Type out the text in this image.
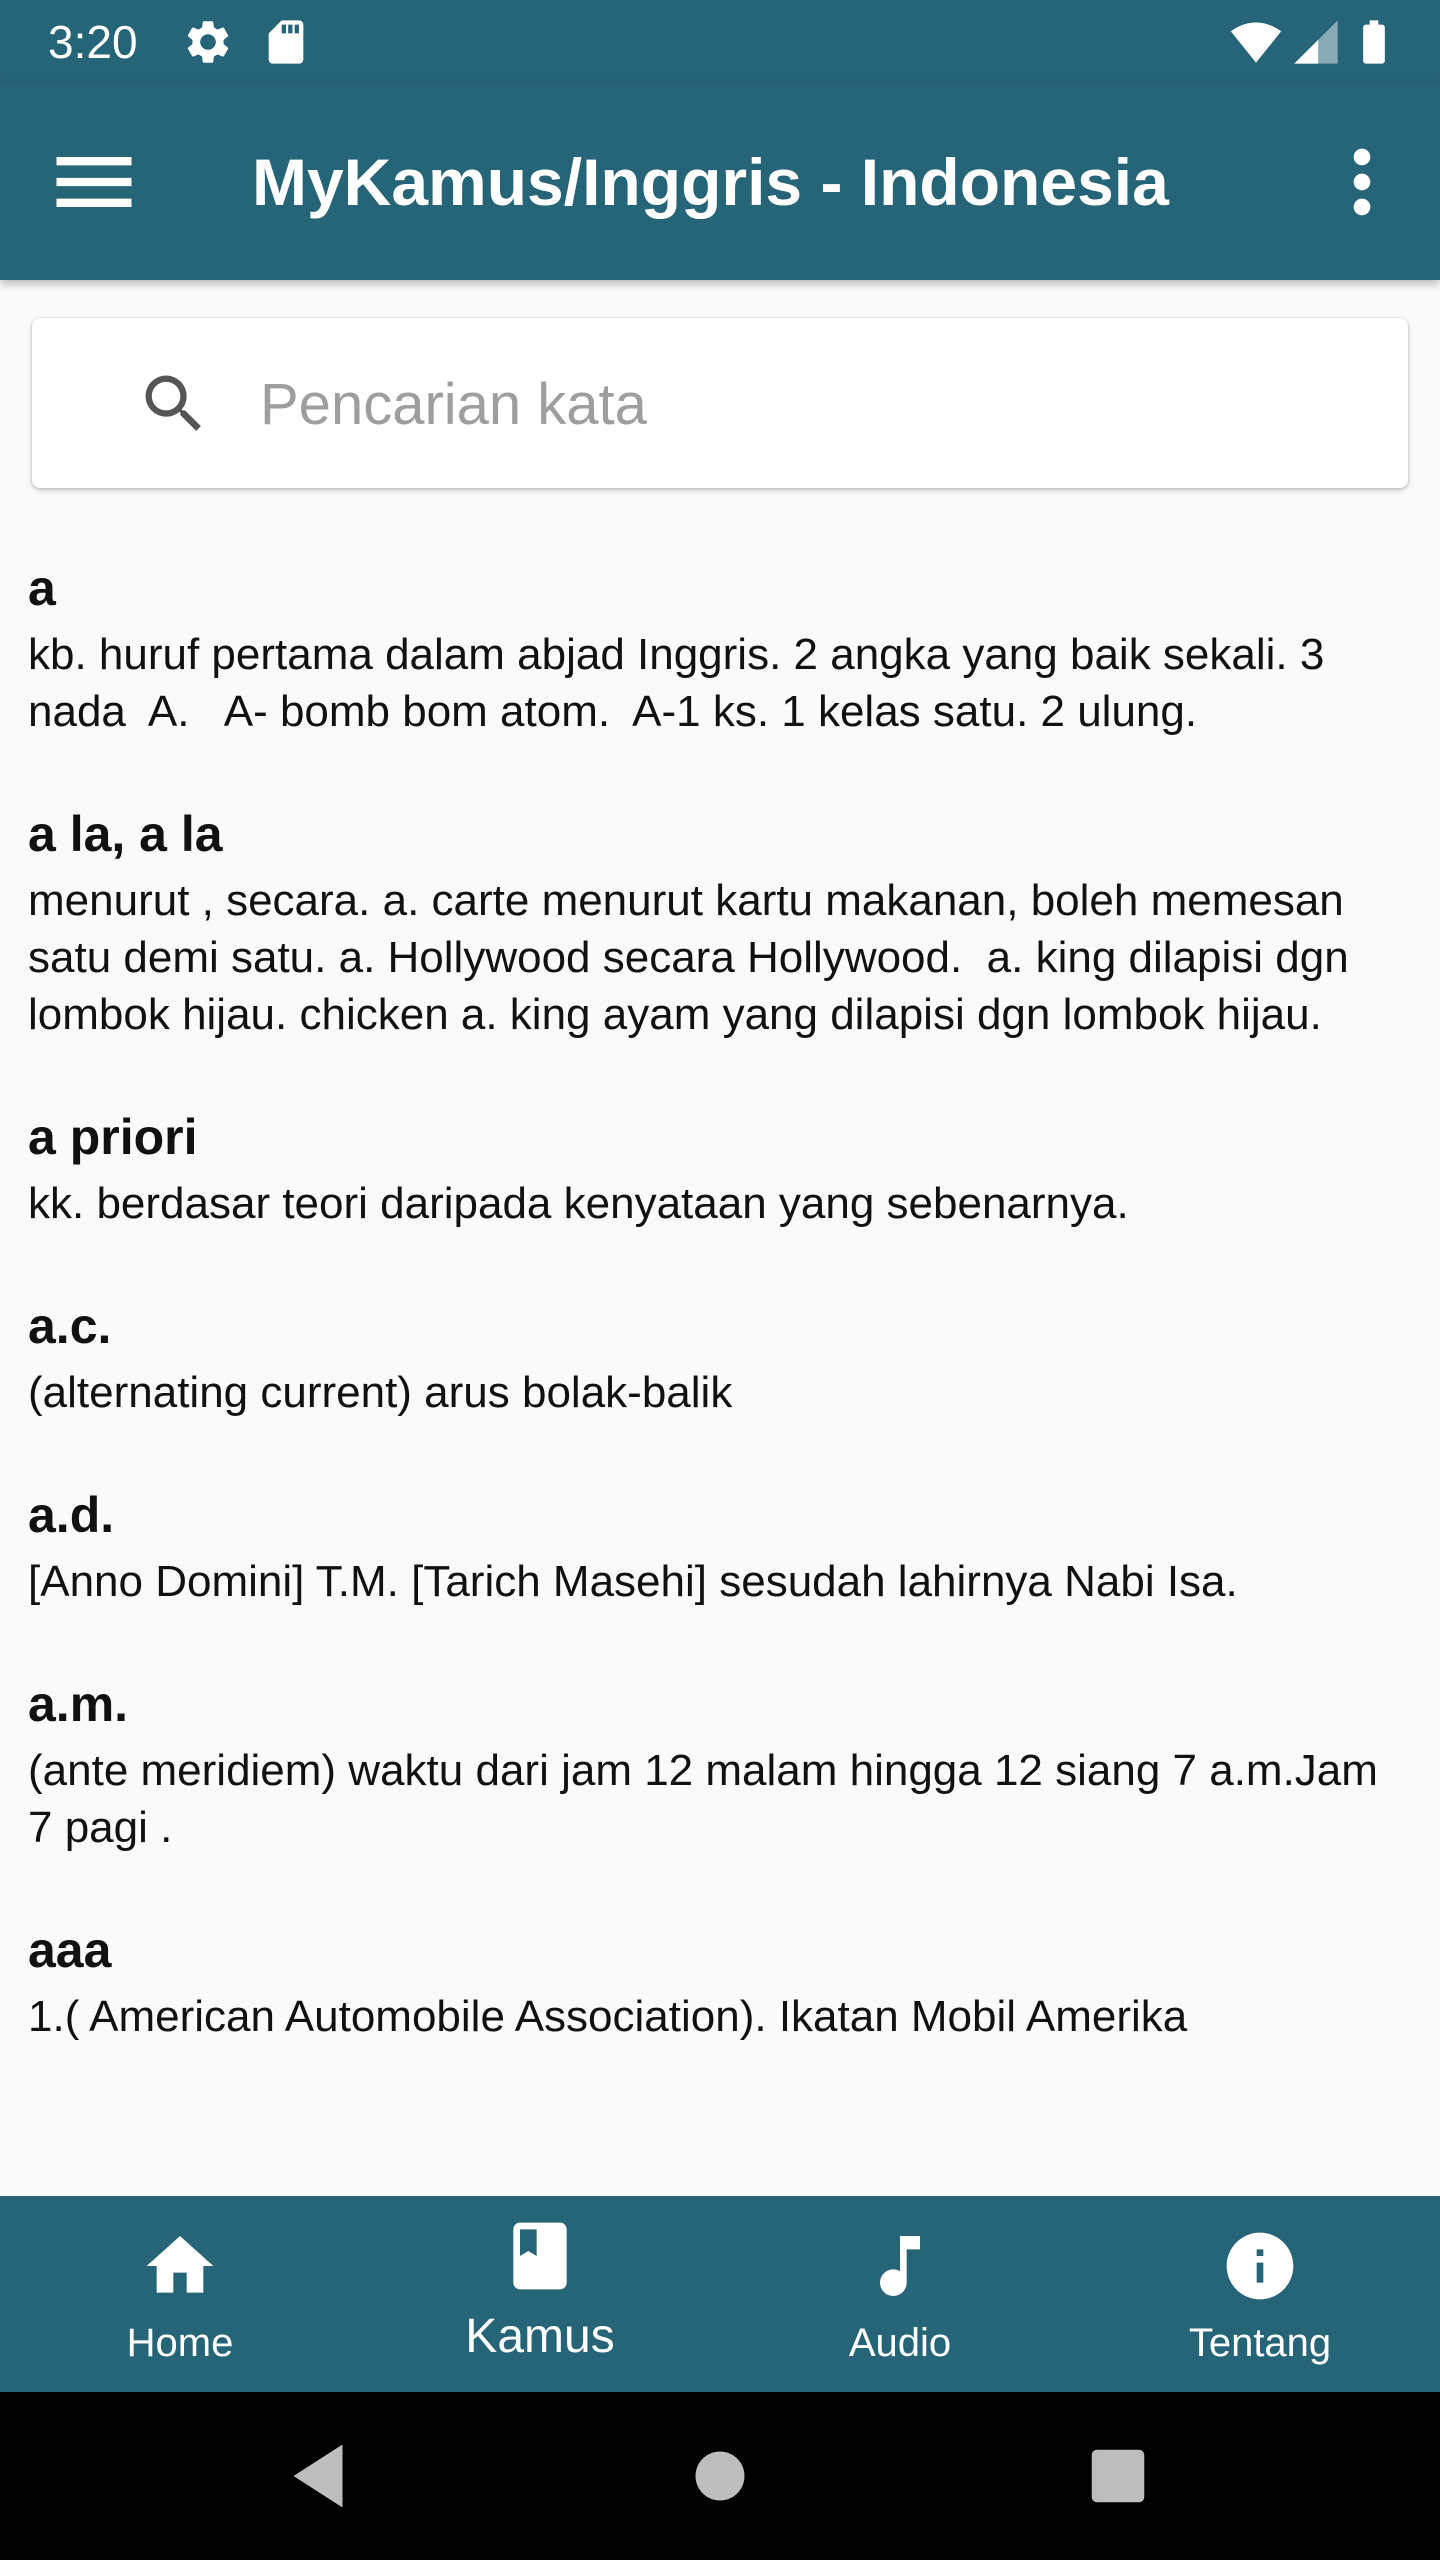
3:20
MyKamus/Inggris - Indonesia
Pencarian kata
a
kb. huruf pertama dalam abjad Inggris. 2 angka yang baik sekali. 3 nada  A.   A- bomb bom atom.  A-1 ks. 1 kelas satu. 2 ulung.
a la, a la
menurut , secara. a. carte menurut kartu makanan, boleh memesan satu demi satu. a. Hollywood secara Hollywood.  a. king dilapisi dgn lombok hijau. chicken a. king ayam yang dilapisi dgn lombok hijau.
a priori
kk. berdasar teori daripada kenyataan yang sebenarnya.
a.c.
(alternating current) arus bolak-balik
a.d.
[Anno Domini] T.M. [Tarich Masehi] sesudah lahirnya Nabi Isa.
a.m.
(ante meridiem) waktu dari jam 12 malam hingga 12 siang 7 a.m.Jam 7 pagi .
aaa
1.( American Automobile Association). Ikatan Mobil Amerika
Home	Kamus	Audio	Tentang
